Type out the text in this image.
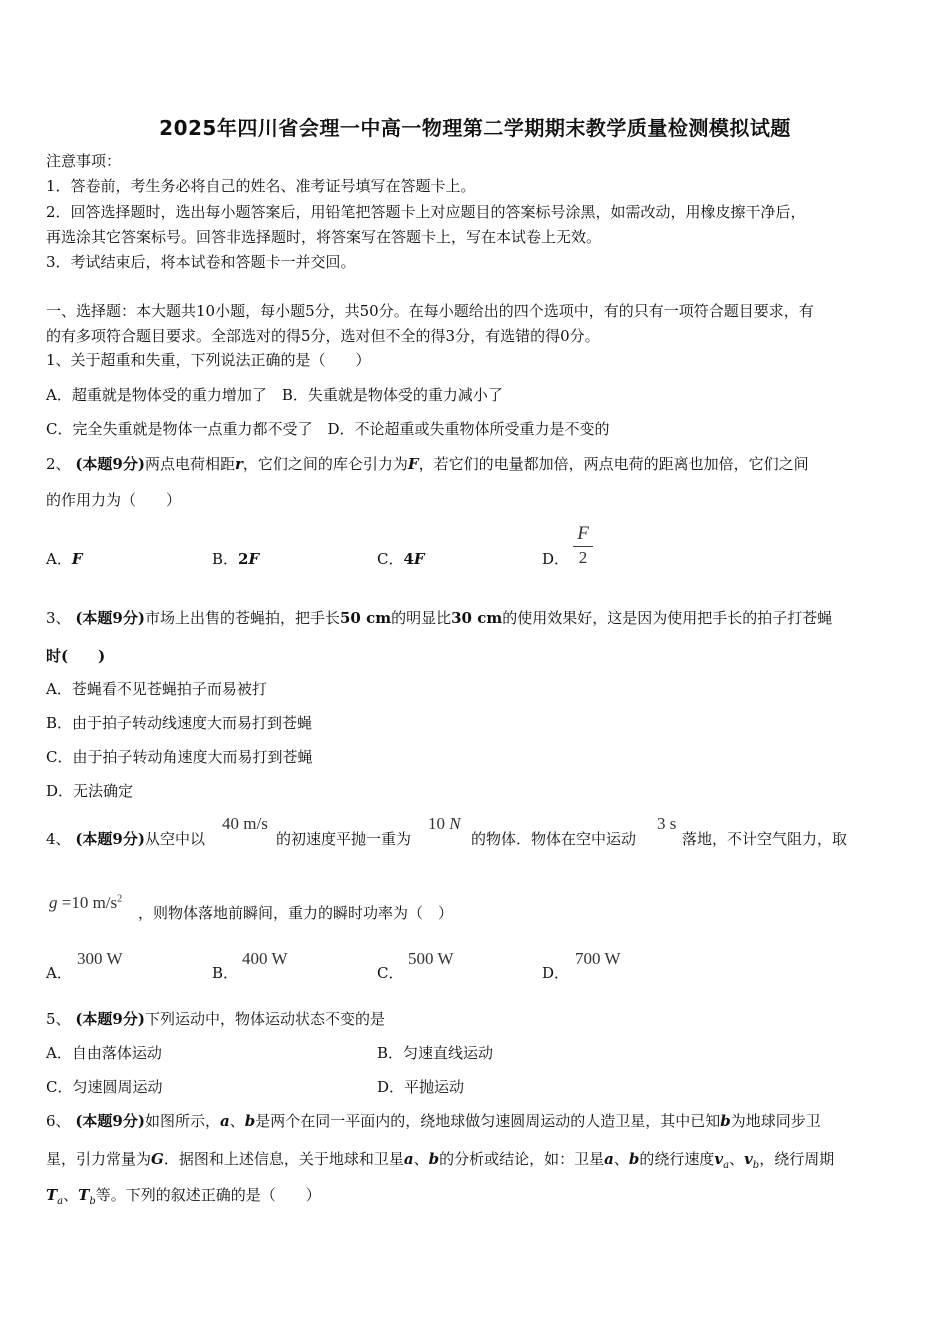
2025年四川省会理一中高一物理第二学期期末教学质量检测模拟试题
注意事项：
1．答卷前，考生务必将自己的姓名、准考证号填写在答题卡上。
2．回答选择题时，选出每小题答案后，用铅笔把答题卡上对应题目的答案标号涂黑，如需改动，用橡皮擦干净后，
再选涂其它答案标号。回答非选择题时，将答案写在答题卡上，写在本试卷上无效。
3．考试结束后，将本试卷和答题卡一并交回。
一、选择题：本大题共10小题，每小题5分，共50分。在每小题给出的四个选项中，有的只有一项符合题目要求，有
的有多项符合题目要求。全部选对的得5分，选对但不全的得3分，有选错的得0分。
1、关于超重和失重，下列说法正确的是（　　）
A．超重就是物体受的重力增加了　B．失重就是物体受的重力减小了
C．完全失重就是物体一点重力都不受了　D．不论超重或失重物体所受重力是不变的
2、 (本题9分)两点电荷相距r，它们之间的库仑引力为F，若它们的电量都加倍，两点电荷的距离也加倍，它们之间
的作用力为（　　）
A．F	B．2F	C．4F	D．
F
2
3、 (本题9分)市场上出售的苍蝇拍，把手长50 cm的明显比30 cm的使用效果好，这是因为使用把手长的拍子打苍蝇
时(　　)
A．苍蝇看不见苍蝇拍子而易被打
B．由于拍子转动线速度大而易打到苍蝇
C．由于拍子转动角速度大而易打到苍蝇
D．无法确定
4、 (本题9分)从空中以
40 m/s
的初速度平抛一重为
10 N
的物体．物体在空中运动
3 s
落地，不计空气阻力，取
g =10 $m/s^2$
，则物体落地前瞬间，重力的瞬时功率为（　）
A．
300 W
B．
400 W
C．
500 W
D．
700 W
5、 (本题9分)下列运动中，物体运动状态不变的是
A．自由落体运动	B．匀速直线运动
C．匀速圆周运动	D．平抛运动
6、 (本题9分)如图所示，a、b是两个在同一平面内的，绕地球做匀速圆周运动的人造卫星，其中已知b为地球同步卫
星，引力常量为G．据图和上述信息，关于地球和卫星a、b的分析或结论，如：卫星a、b的绕行速度$v_a$、$v_b$，绕行周期
$T_a$、$T_b$等。下列的叙述正确的是（　　）
